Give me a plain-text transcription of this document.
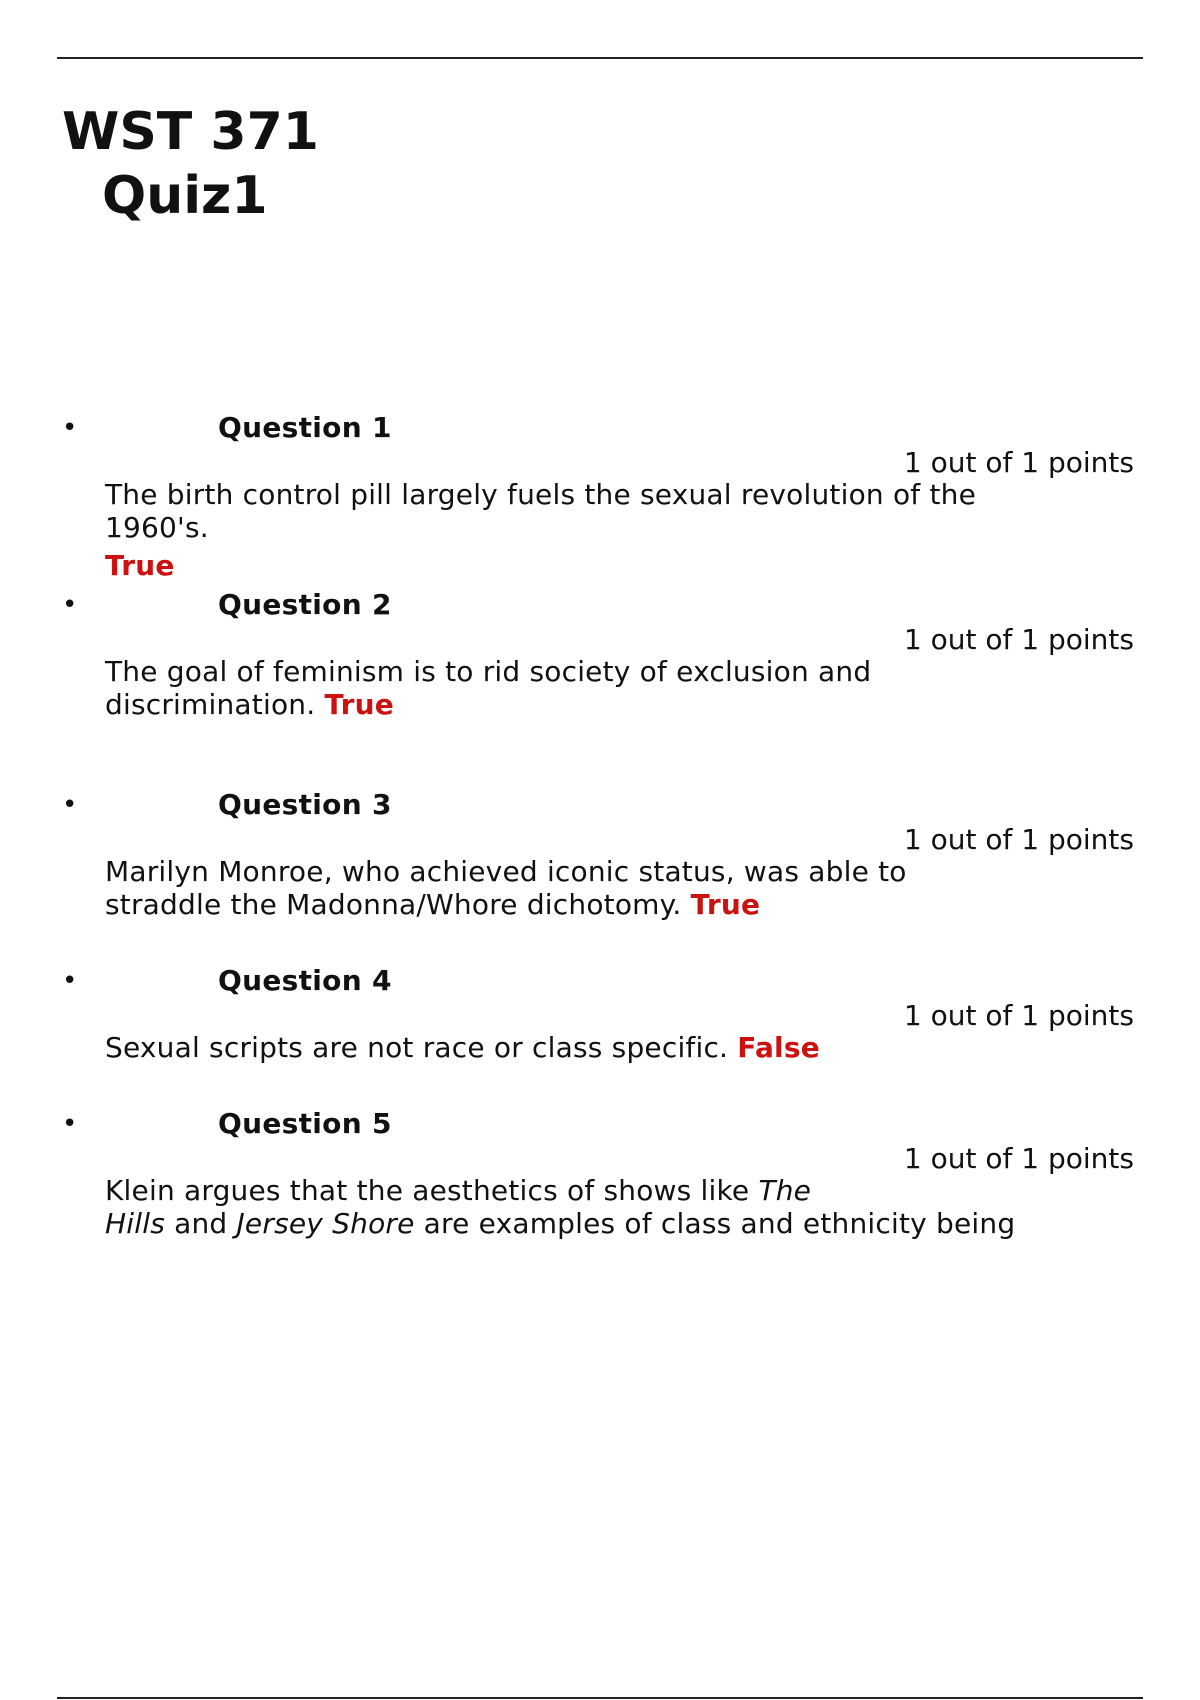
WST 371
Quiz1
•	Question 1
1 out of 1 points

The birth control pill largely fuels the sexual revolution of the 1960's.
True

•	Question 2
1 out of 1 points

The goal of feminism is to rid society of exclusion and discrimination. True

•	Question 3
1 out of 1 points

Marilyn Monroe, who achieved iconic status, was able to straddle the Madonna/Whore dichotomy. True

•	Question 4
1 out of 1 points

Sexual scripts are not race or class specific. False

•	Question 5
1 out of 1 points

Klein argues that the aesthetics of shows like The
Hills and Jersey Shore are examples of class and ethnicity being
